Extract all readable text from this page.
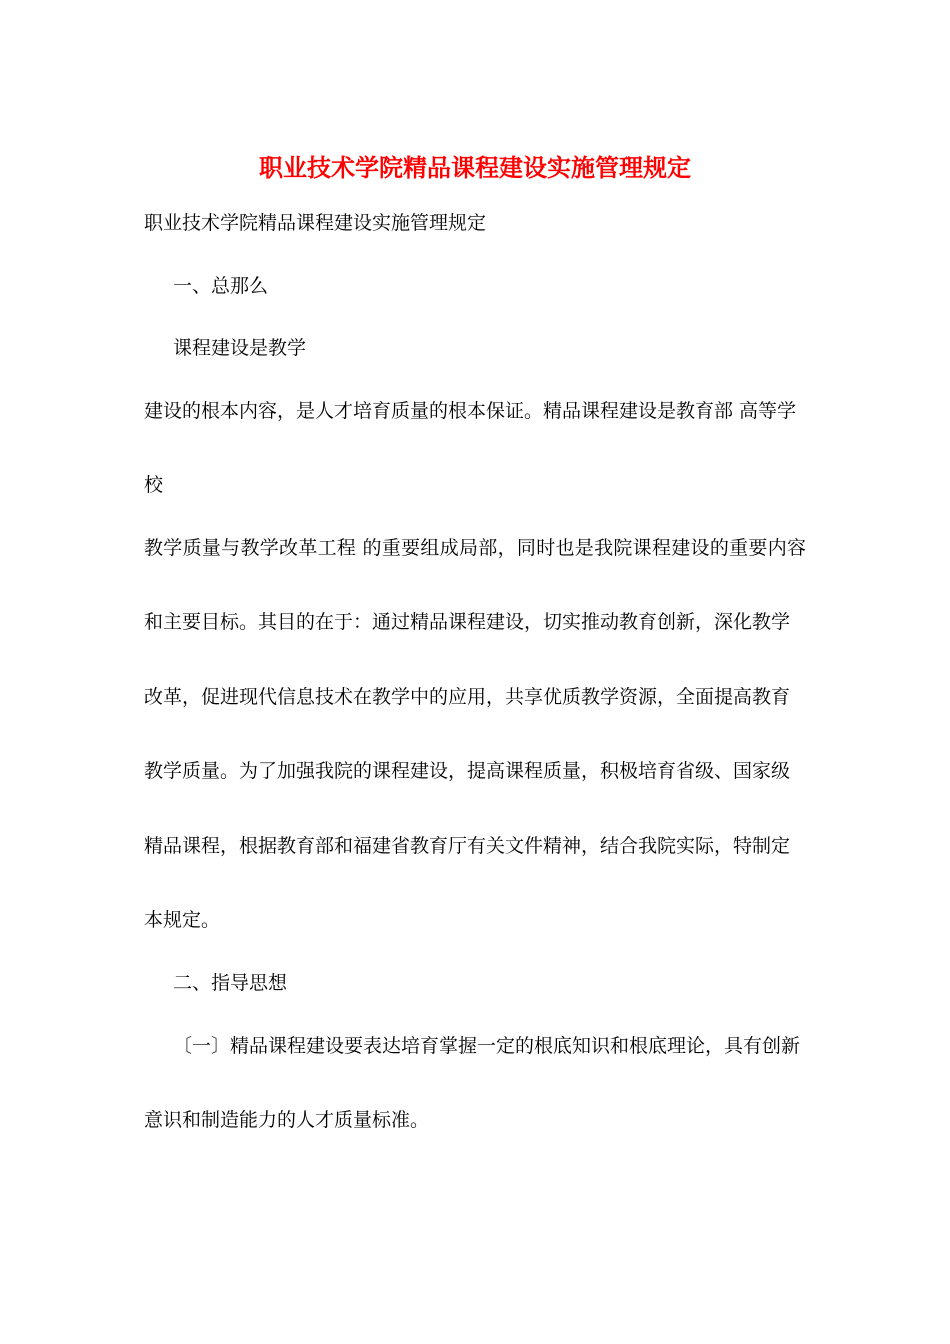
职业技术学院精品课程建设实施管理规定
职业技术学院精品课程建设实施管理规定
一、总那么
课程建设是教学
建设的根本内容，是人才培育质量的根本保证。精品课程建设是教育部 高等学
校
教学质量与教学改革工程 的重要组成局部，同时也是我院课程建设的重要内容
和主要目标。其目的在于：通过精品课程建设，切实推动教育创新，深化教学
改革，促进现代信息技术在教学中的应用，共享优质教学资源，全面提高教育
教学质量。为了加强我院的课程建设，提高课程质量，积极培育省级、国家级
精品课程，根据教育部和福建省教育厅有关文件精神，结合我院实际，特制定
本规定。
二、指导思想
〔一〕精品课程建设要表达培育掌握一定的根底知识和根底理论，具有创新
意识和制造能力的人才质量标准。
